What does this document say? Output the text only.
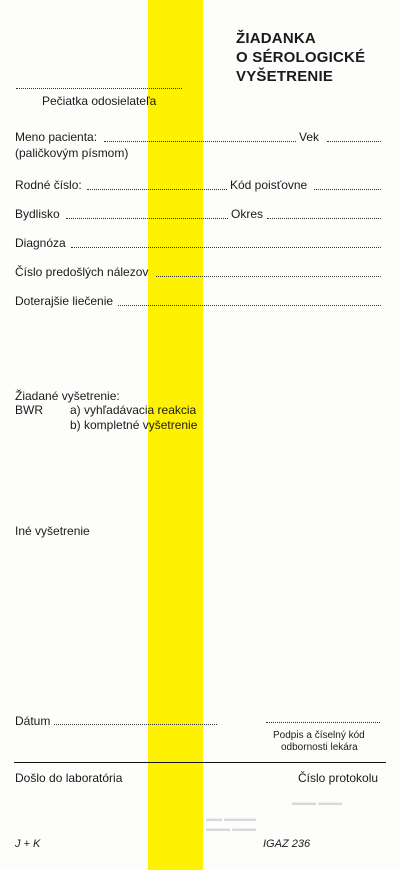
ŽIADANKA
O SÉROLOGICKÉ
VYŠETRENIE
Pečiatka odosielateľa
Meno pacienta:	Vek
(paličkovým písmom)
Rodné číslo:	Kód poisťovne
Bydlisko	Okres
Diagnóza
Číslo predošlých nálezov
Doterajšie liečenie
Žiadané vyšetrenie:
BWR a) vyhľadávacia reakcia
b) kompletné vyšetrenie
Iné vyšetrenie
Dátum
Podpis a číselný kód
odbornosti lekára
Došlo do laboratória	Číslo protokolu
▬▬▬ ▬▬▬
▬▬ ▬▬▬▬
▬▬▬ ▬▬▬
J + K	IGAZ 236
